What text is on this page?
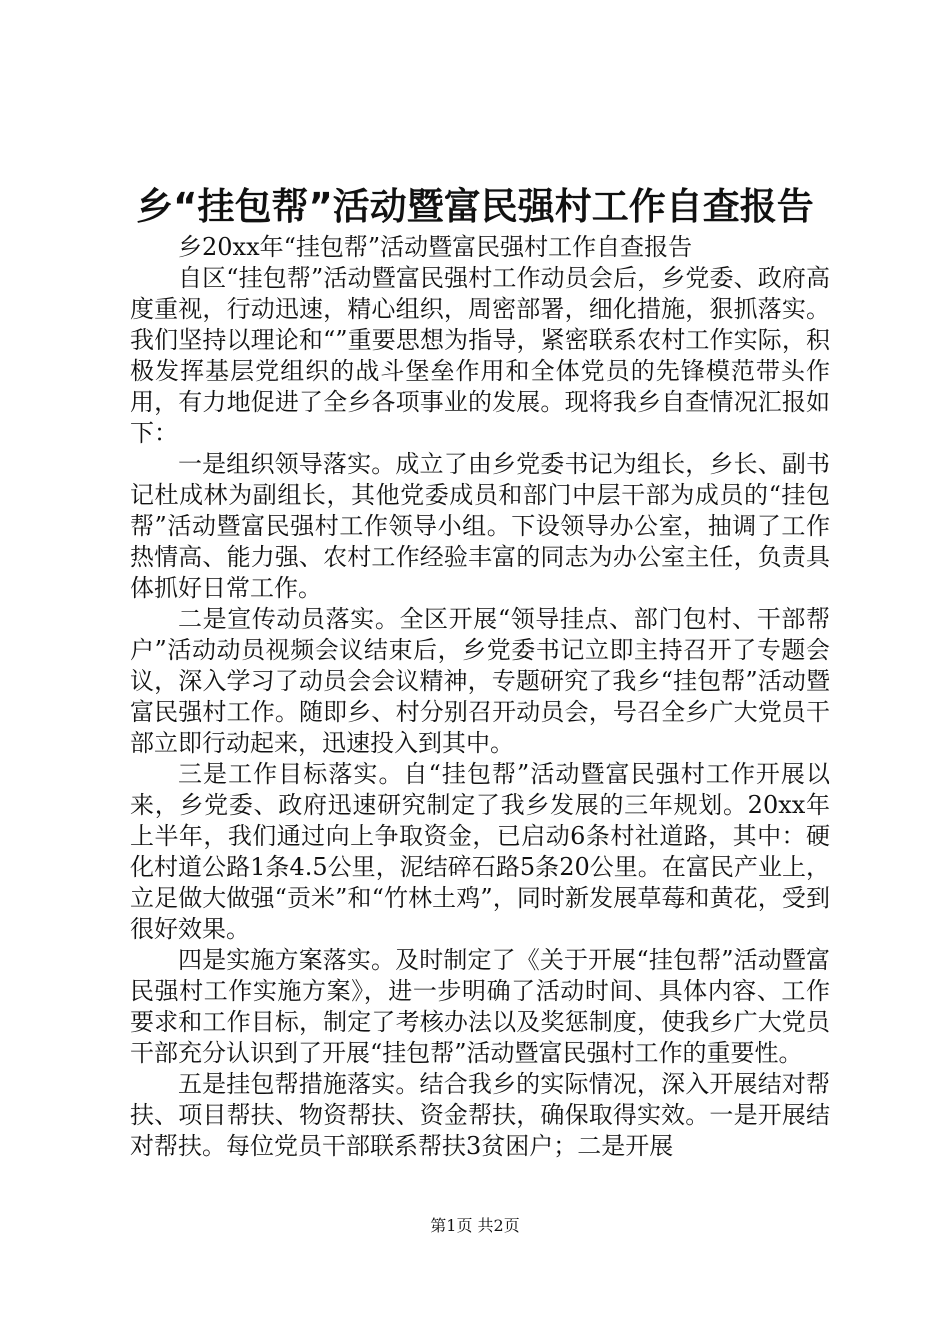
乡“挂包帮”活动暨富民强村工作自查报告

乡20xx年“挂包帮”活动暨富民强村工作自查报告

自区“挂包帮”活动暨富民强村工作动员会后，乡党委、政府高度重视，行动迅速，精心组织，周密部署，细化措施，狠抓落实。我们坚持以理论和“”重要思想为指导，紧密联系农村工作实际，积极发挥基层党组织的战斗堡垒作用和全体党员的先锋模范带头作用，有力地促进了全乡各项事业的发展。现将我乡自查情况汇报如下：

一是组织领导落实。成立了由乡党委书记为组长，乡长、副书记杜成林为副组长，其他党委成员和部门中层干部为成员的“挂包帮”活动暨富民强村工作领导小组。下设领导办公室，抽调了工作热情高、能力强、农村工作经验丰富的同志为办公室主任，负责具体抓好日常工作。

二是宣传动员落实。全区开展“领导挂点、部门包村、干部帮户”活动动员视频会议结束后，乡党委书记立即主持召开了专题会议，深入学习了动员会会议精神，专题研究了我乡“挂包帮”活动暨富民强村工作。随即乡、村分别召开动员会，号召全乡广大党员干部立即行动起来，迅速投入到其中。

三是工作目标落实。自“挂包帮”活动暨富民强村工作开展以来，乡党委、政府迅速研究制定了我乡发展的三年规划。20xx年上半年，我们通过向上争取资金，已启动6条村社道路，其中：硬化村道公路1条4.5公里，泥结碎石路5条20公里。在富民产业上，立足做大做强“贡米”和“竹林土鸡”，同时新发展草莓和黄花，受到很好效果。

四是实施方案落实。及时制定了《关于开展“挂包帮”活动暨富民强村工作实施方案》，进一步明确了活动时间、具体内容、工作要求和工作目标，制定了考核办法以及奖惩制度，使我乡广大党员干部充分认识到了开展“挂包帮”活动暨富民强村工作的重要性。

五是挂包帮措施落实。结合我乡的实际情况，深入开展结对帮扶、项目帮扶、物资帮扶、资金帮扶，确保取得实效。一是开展结对帮扶。每位党员干部联系帮扶3贫困户；二是开展

第1页 共2页
